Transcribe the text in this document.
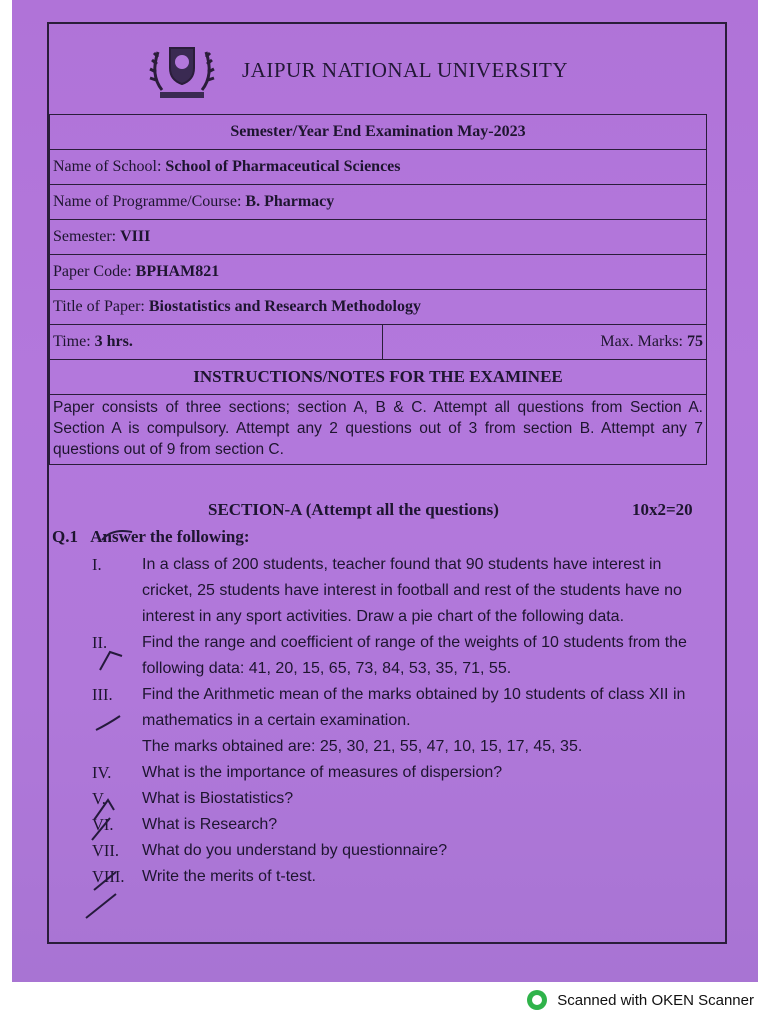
JAIPUR NATIONAL UNIVERSITY
Semester/Year End Examination May-2023
Name of School: School of Pharmaceutical Sciences
Name of Programme/Course: B. Pharmacy
Semester: VIII
Paper Code: BPHAM821
Title of Paper: Biostatistics and Research Methodology
Time: 3 hrs.	Max. Marks: 75
INSTRUCTIONS/NOTES FOR THE EXAMINEE
Paper consists of three sections; section A, B & C. Attempt all questions from Section A. Section A is compulsory. Attempt any 2 questions out of 3 from section B. Attempt any 7 questions out of 9 from section C.
SECTION-A (Attempt all the questions)	10x2=20
Q.1 Answer the following:
I.	In a class of 200 students, teacher found that 90 students have interest in cricket, 25 students have interest in football and rest of the students have no interest in any sport activities. Draw a pie chart of the following data.
II.	Find the range and coefficient of range of the weights of 10 students from the following data: 41, 20, 15, 65, 73, 84, 53, 35, 71, 55.
III.	Find the Arithmetic mean of the marks obtained by 10 students of class XII in mathematics in a certain examination.
The marks obtained are: 25, 30, 21, 55, 47, 10, 15, 17, 45, 35.
IV.	What is the importance of measures of dispersion?
V.	What is Biostatistics?
VI.	What is Research?
VII.	What do you understand by questionnaire?
VIII.	Write the merits of t-test.
Scanned with OKEN Scanner
